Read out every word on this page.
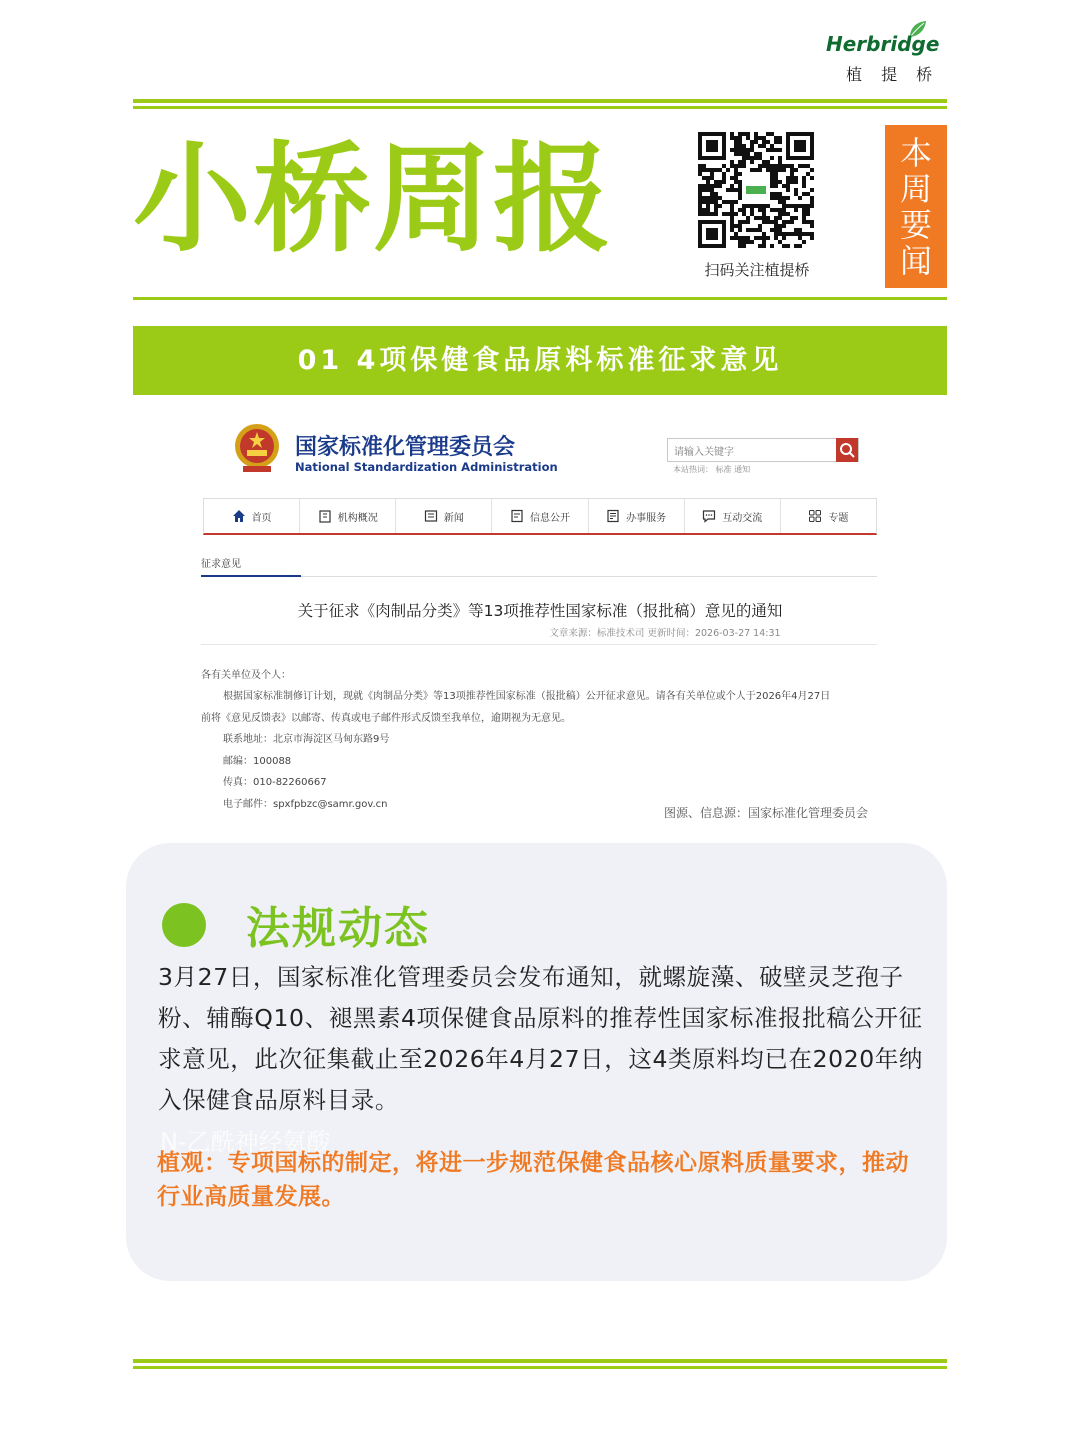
Herbridge
植 提 桥
小桥周报
扫码关注植提桥
本周要闻
01 4项保健食品原料标准征求意见
国家标准化管理委员会
National Standardization Administration
请输入关键字
本站热词： 标准 通知
首页	机构概况	新闻	信息公开	办事服务	互动交流	专题
征求意见
关于征求《肉制品分类》等13项推荐性国家标准（报批稿）意见的通知
文章来源：标准技术司 更新时间：2026-03-27 14:31
各有关单位及个人：
根据国家标准制修订计划，现就《肉制品分类》等13项推荐性国家标准（报批稿）公开征求意见。请各有关单位或个人于2026年4月27日
前将《意见反馈表》以邮寄、传真或电子邮件形式反馈至我单位，逾期视为无意见。
联系地址：北京市海淀区马甸东路9号
邮编：100088
传真：010-82260667
电子邮件：spxfpbzc@samr.gov.cn
图源、信息源：国家标准化管理委员会
法规动态
3月27日，国家标准化管理委员会发布通知，就螺旋藻、破壁灵芝孢子粉、辅酶Q10、褪黑素4项保健食品原料的推荐性国家标准报批稿公开征求意见，此次征集截止至2026年4月27日，这4类原料均已在2020年纳入保健食品原料目录。
N-乙酰神经氨酸
植观：专项国标的制定，将进一步规范保健食品核心原料质量要求，推动行业高质量发展。
